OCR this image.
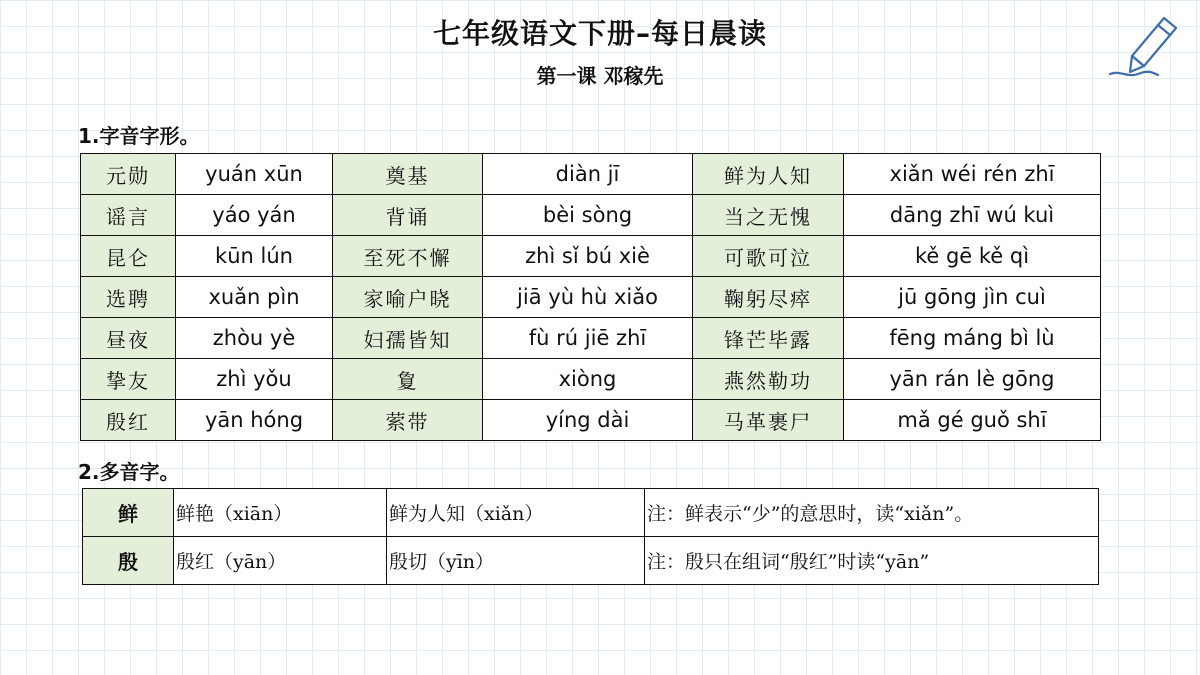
七年级语文下册–每日晨读
第一课 邓稼先
1.字音字形。
元勋	yuán xūn	奠基	diàn jī	鲜为人知	xiǎn wéi rén zhī
谣言	yáo yán	背诵	bèi sòng	当之无愧	dāng zhī wú kuì
昆仑	kūn lún	至死不懈	zhì sǐ bú xiè	可歌可泣	kě gē kě qì
选聘	xuǎn pìn	家喻户晓	jiā yù hù xiǎo	鞠躬尽瘁	jū gōng jìn cuì
昼夜	zhòu yè	妇孺皆知	fù rú jiē zhī	锋芒毕露	fēng máng bì lù
挚友	zhì yǒu	夐	xiòng	燕然勒功	yān rán lè gōng
殷红	yān hóng	萦带	yíng dài	马革裹尸	mǎ gé guǒ shī
2.多音字。
鲜	鲜艳（xiān）	鲜为人知（xiǎn）	注：鲜表示“少”的意思时，读“xiǎn”。
殷	殷红（yān）	殷切（yīn）	注：殷只在组词“殷红”时读“yān”
